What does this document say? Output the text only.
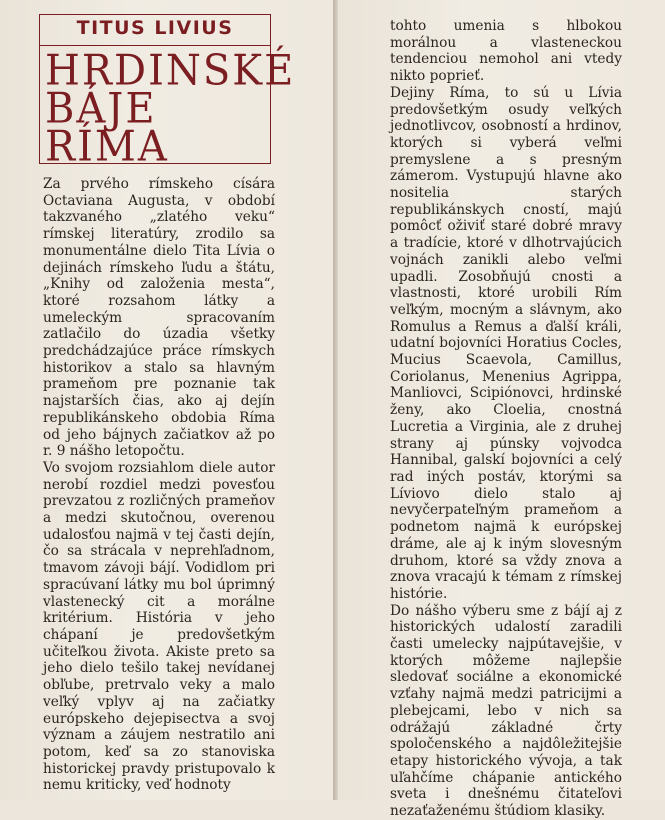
TITUS LIVIUS
HRDINSKÉ
BÁJE
RÍMA

Za prvého rímskeho císára Octaviana Augusta, v období takzvaného „zlatého veku“ rímskej literatúry, zrodilo sa monumentálne dielo Tita Lívia o dejinách rímskeho ľudu a štátu, „Knihy od založenia mesta“, ktoré rozsahom látky a umeleckým spracovaním zatlačilo do úzadia všetky predchádzajúce práce rímskych historikov a stalo sa hlavným prameňom pre poznanie tak najstarších čias, ako aj dejín republikánskeho obdobia Ríma od jeho bájnych začiatkov až po r. 9 nášho letopočtu.

Vo svojom rozsiahlom diele autor nerobí rozdiel medzi povesťou prevzatou z rozličných prameňov a medzi skutočnou, overenou udalosťou najmä v tej časti dejín, čo sa strácala v neprehľadnom, tmavom závoji bájí. Vodidlom pri spracúvaní látky mu bol úprimný vlastenecký cit a morálne kritérium. História v jeho chápaní je predovšetkým učiteľkou života. Akiste preto sa jeho dielo tešilo takej nevídanej obľube, pretrvalo veky a malo veľký vplyv aj na začiatky európskeho dejepisectva a svoj význam a záujem nestratilo ani potom, keď sa zo stanoviska historickej pravdy pristupovalo k nemu kriticky, veď hodnoty

tohto umenia s hlbokou morálnou a vlasteneckou tendenciou nemohol ani vtedy nikto poprieť.

Dejiny Ríma, to sú u Lívia predovšetkým osudy veľkých jednotlivcov, osobností a hrdinov, ktorých si vyberá veľmi premyslene a s presným zámerom. Vystupujú hlavne ako nositelia starých republikánskych cností, majú pomôcť oživiť staré dobré mravy a tradície, ktoré v dlhotrvajúcich vojnách zanikli alebo veľmi upadli. Zosobňujú cnosti a vlastnosti, ktoré urobili Rím veľkým, mocným a slávnym, ako Romulus a Remus a ďalší králi, udatní bojovníci Horatius Cocles, Mucius Scaevola, Camillus, Coriolanus, Menenius Agrippa, Manliovci, Scipiónovci, hrdinské ženy, ako Cloelia, cnostná Lucretia a Virginia, ale z druhej strany aj púnsky vojvodca Hannibal, galskí bojovníci a celý rad iných postáv, ktorými sa Líviovo dielo stalo aj nevyčerpateľným prameňom a podnetom najmä k európskej dráme, ale aj k iným slovesným druhom, ktoré sa vždy znova a znova vracajú k témam z rímskej histórie.

Do nášho výberu sme z bájí aj z historických udalostí zaradili časti umelecky najpútavejšie, v ktorých môžeme najlepšie sledovať sociálne a ekonomické vzťahy najmä medzi patricijmi a plebejcami, lebo v nich sa odrážajú základné črty spoločenského a najdôležitejšie etapy historického vývoja, a tak uľahčíme chápanie antického sveta i dnešnému čitateľovi nezaťaženému štúdiom klasiky.
